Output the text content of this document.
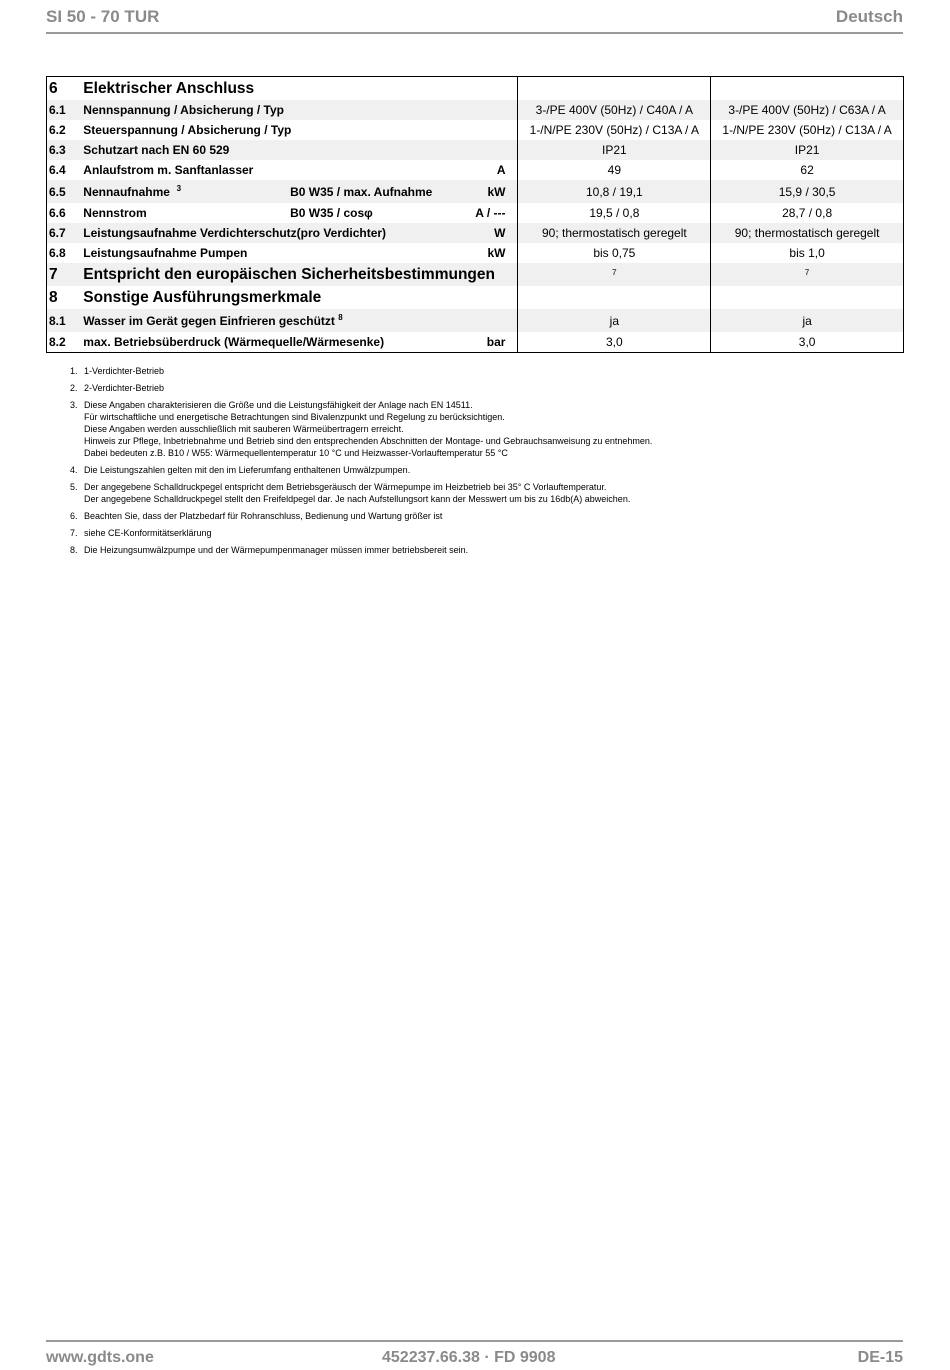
SI 50 - 70 TUR	Deutsch
6	Elektrischer Anschluss				
6.1	Nennspannung / Absicherung / Typ			3-/PE 400V (50Hz) / C40A / A	3-/PE 400V (50Hz) / C63A / A
6.2	Steuerspannung / Absicherung / Typ			1-/N/PE 230V (50Hz) / C13A / A	1-/N/PE 230V (50Hz) / C13A / A
6.3	Schutzart nach EN 60 529			IP21	IP21
6.4	Anlaufstrom m. Sanftanlasser		A	49	62
6.5	Nennaufnahme $^3$	B0 W35 / max. Aufnahme	kW	10,8 / 19,1	15,9 / 30,5
6.6	Nennstrom	B0 W35 / cosφ	A / ---	19,5 / 0,8	28,7 / 0,8
6.7	Leistungsaufnahme Verdichterschutz(pro Verdichter)		W	90; thermostatisch geregelt	90; thermostatisch geregelt
6.8	Leistungsaufnahme Pumpen		kW	bis 0,75	bis 1,0
7	Entspricht den europäischen Sicherheitsbestimmungen			$^7$	$^7$
8	Sonstige Ausführungsmerkmale				
8.1	Wasser im Gerät gegen Einfrieren geschützt $^8$			ja	ja
8.2	max. Betriebsüberdruck (Wärmequelle/Wärmesenke)		bar	3,0	3,0
1. 1-Verdichter-Betrieb
2. 2-Verdichter-Betrieb
3. Diese Angaben charakterisieren die Größe und die Leistungsfähigkeit der Anlage nach EN 14511.
Für wirtschaftliche und energetische Betrachtungen sind Bivalenzpunkt und Regelung zu berücksichtigen.
Diese Angaben werden ausschließlich mit sauberen Wärmeübertragern erreicht.
Hinweis zur Pflege, Inbetriebnahme und Betrieb sind den entsprechenden Abschnitten der Montage- und Gebrauchsanweisung zu entnehmen.
Dabei bedeuten z.B. B10 / W55: Wärmequellentemperatur 10 °C und Heizwasser-Vorlauftemperatur 55 °C
4. Die Leistungszahlen gelten mit den im Lieferumfang enthaltenen Umwälzpumpen.
5. Der angegebene Schalldruckpegel entspricht dem Betriebsgeräusch der Wärmepumpe im Heizbetrieb bei 35° C Vorlauftemperatur.
Der angegebene Schalldruckpegel stellt den Freifeldpegel dar. Je nach Aufstellungsort kann der Messwert um bis zu 16db(A) abweichen.
6. Beachten Sie, dass der Platzbedarf für Rohranschluss, Bedienung und Wartung größer ist
7. siehe CE-Konformitätserklärung
8. Die Heizungsumwälzpumpe und der Wärmepumpenmanager müssen immer betriebsbereit sein.
www.gdts.one	452237.66.38 · FD 9908	DE-15
